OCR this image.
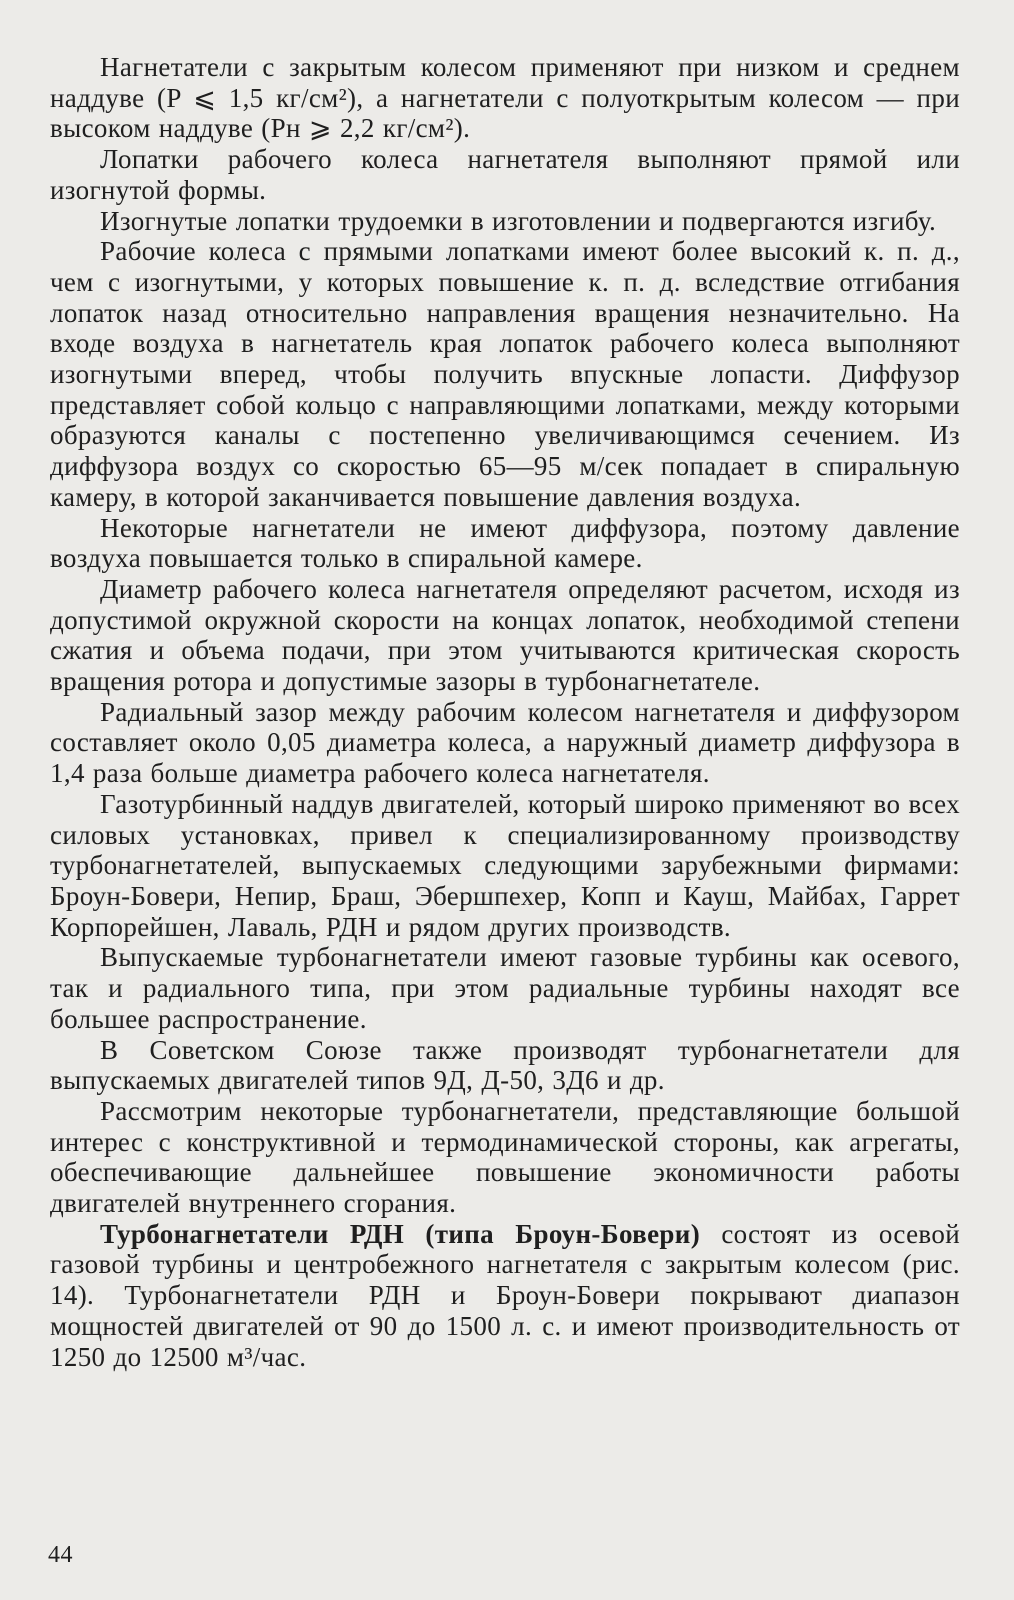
Нагнетатели с закрытым колесом применяют при низком и среднем наддуве (P ⩽ 1,5 кг/см²), а нагнетатели с полуоткрытым колесом — при высоком наддуве (Pн ⩾ 2,2 кг/см²).

Лопатки рабочего колеса нагнетателя выполняют прямой или изогнутой формы.

Изогнутые лопатки трудоемки в изготовлении и подвергаются изгибу.

Рабочие колеса с прямыми лопатками имеют более высокий к. п. д., чем с изогнутыми, у которых повышение к. п. д. вследствие отгибания лопаток назад относительно направления вращения незначительно. На входе воздуха в нагнетатель края лопаток рабочего колеса выполняют изогнутыми вперед, чтобы получить впускные лопасти. Диффузор представляет собой кольцо с направляющими лопатками, между которыми образуются каналы с постепенно увеличивающимся сечением. Из диффузора воздух со скоростью 65—95 м/сек попадает в спиральную камеру, в которой заканчивается повышение давления воздуха.

Некоторые нагнетатели не имеют диффузора, поэтому давление воздуха повышается только в спиральной камере.

Диаметр рабочего колеса нагнетателя определяют расчетом, исходя из допустимой окружной скорости на концах лопаток, необходимой степени сжатия и объема подачи, при этом учитываются критическая скорость вращения ротора и допустимые зазоры в турбонагнетателе.

Радиальный зазор между рабочим колесом нагнетателя и диффузором составляет около 0,05 диаметра колеса, а наружный диаметр диффузора в 1,4 раза больше диаметра рабочего колеса нагнетателя.

Газотурбинный наддув двигателей, который широко применяют во всех силовых установках, привел к специализированному производству турбонагнетателей, выпускаемых следующими зарубежными фирмами: Броун-Бовери, Непир, Браш, Эбершпехер, Копп и Кауш, Майбах, Гаррет Корпорейшен, Лаваль, РДН и рядом других производств.

Выпускаемые турбонагнетатели имеют газовые турбины как осевого, так и радиального типа, при этом радиальные турбины находят все большее распространение.

В Советском Союзе также производят турбонагнетатели для выпускаемых двигателей типов 9Д, Д-50, 3Д6 и др.

Рассмотрим некоторые турбонагнетатели, представляющие большой интерес с конструктивной и термодинамической стороны, как агрегаты, обеспечивающие дальнейшее повышение экономичности работы двигателей внутреннего сгорания.

Турбонагнетатели РДН (типа Броун-Бовери) состоят из осевой газовой турбины и центробежного нагнетателя с закрытым колесом (рис. 14). Турбонагнетатели РДН и Броун-Бовери покрывают диапазон мощностей двигателей от 90 до 1500 л. с. и имеют производительность от 1250 до 12500 м³/час.

44
